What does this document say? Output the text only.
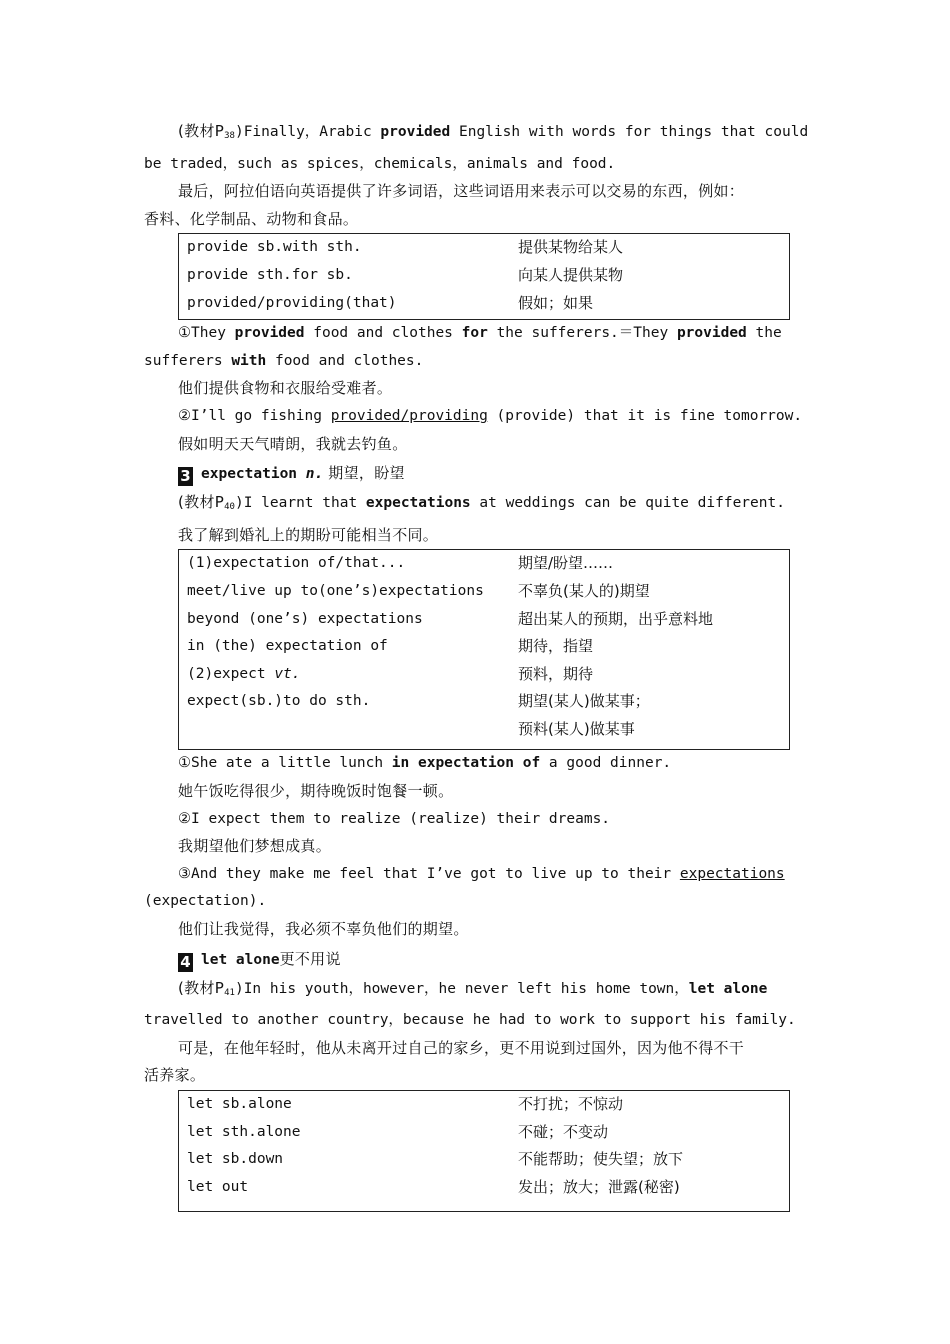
(教材$P_{38})Finally$，Arabic provided English with words for things that could
be traded，such as spices，chemicals，animals and food.
最后，阿拉伯语向英语提供了许多词语，这些词语用来表示可以交易的东西，例如：
香料、化学制品、动物和食品。
provide sb.with sth.	提供某物给某人
provide sth.for sb.	向某人提供某物
provided/providing(that)	假如；如果
①They provided food and clothes for the sufferers.＝They provided the
sufferers with food and clothes.
他们提供食物和衣服给受难者。
②I’ll go fishing provided/providing (provide) that it is fine tomorrow.
假如明天天气晴朗，我就去钓鱼。
3 expectation n. 期望，盼望
(教材$P_{40})I$ learnt that expectations at weddings can be quite different.
我了解到婚礼上的期盼可能相当不同。
(1)expectation of/that...	期望/盼望……
meet/live up to(one’s)expectations	不辜负(某人的)期望
beyond (one’s) expectations	超出某人的预期，出乎意料地
in (the) expectation of	期待，指望
(2)expect vt.	预料，期待
expect(sb.)to do sth.	期望(某人)做某事；
预料(某人)做某事
①She ate a little lunch in expectation of a good dinner.
她午饭吃得很少，期待晚饭时饱餐一顿。
②I expect them to realize (realize) their dreams.
我期望他们梦想成真。
③And they make me feel that I’ve got to live up to their expectations
(expectation).
他们让我觉得，我必须不辜负他们的期望。
4 let alone更不用说
(教材$P_{41})In$ his youth，however，he never left his home town，let alone
travelled to another country，because he had to work to support his family.
可是，在他年轻时，他从未离开过自己的家乡，更不用说到过国外，因为他不得不干
活养家。
let sb.alone	不打扰；不惊动
let sth.alone	不碰；不变动
let sb.down	不能帮助；使失望；放下
let out	发出；放大；泄露(秘密)
